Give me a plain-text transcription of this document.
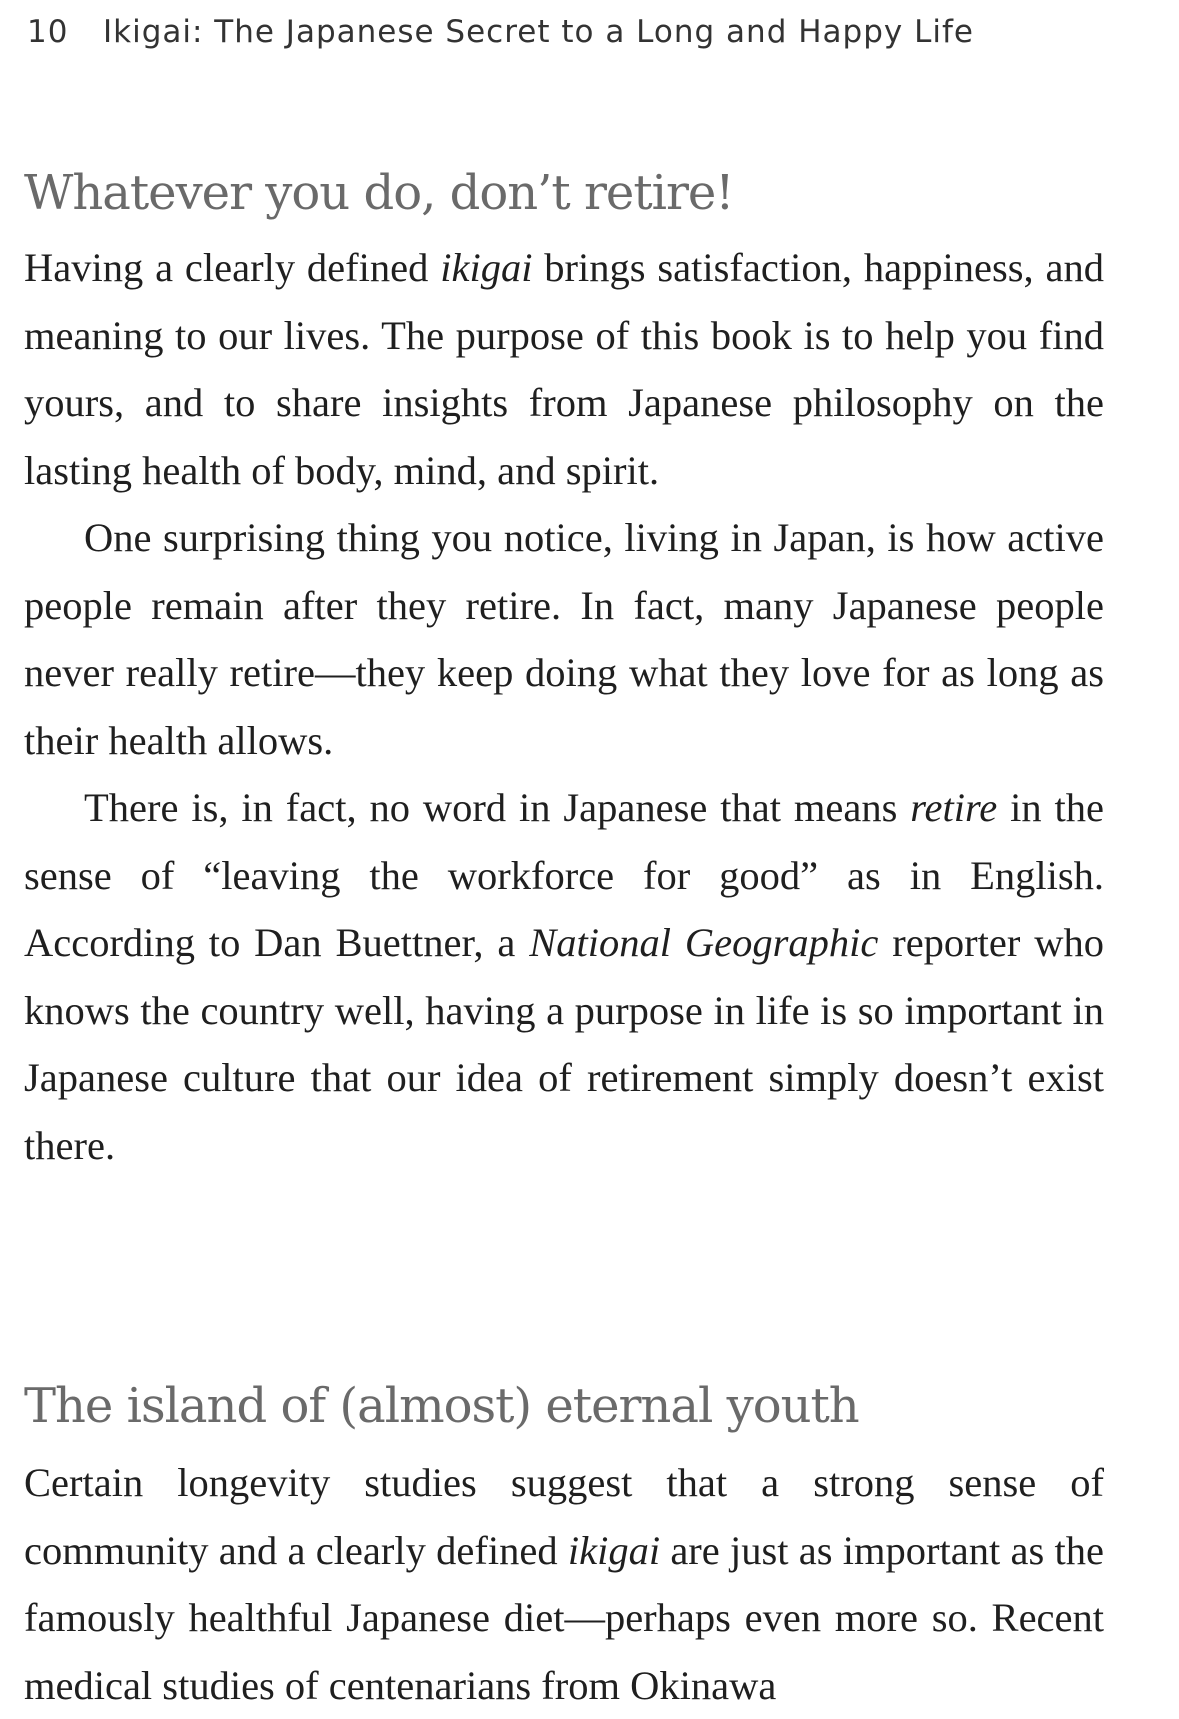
10 Ikigai: The Japanese Secret to a Long and Happy Life
Whatever you do, don’t retire!

Having a clearly defined ikigai brings satisfaction, happiness, and meaning to our lives. The purpose of this book is to help you find yours, and to share insights from Japanese philosophy on the lasting health of body, mind, and spirit.

One surprising thing you notice, living in Japan, is how active people remain after they retire. In fact, many Japanese people never really retire—they keep doing what they love for as long as their health allows.

There is, in fact, no word in Japanese that means retire in the sense of “leaving the workforce for good” as in English. According to Dan Buettner, a National Geographic reporter who knows the country well, having a purpose in life is so important in Japanese culture that our idea of retirement simply doesn’t exist there.

The island of (almost) eternal youth

Certain longevity studies suggest that a strong sense of community and a clearly defined ikigai are just as important as the famously healthful Japanese diet—perhaps even more so. Recent medical studies of centenarians from Okinawa
